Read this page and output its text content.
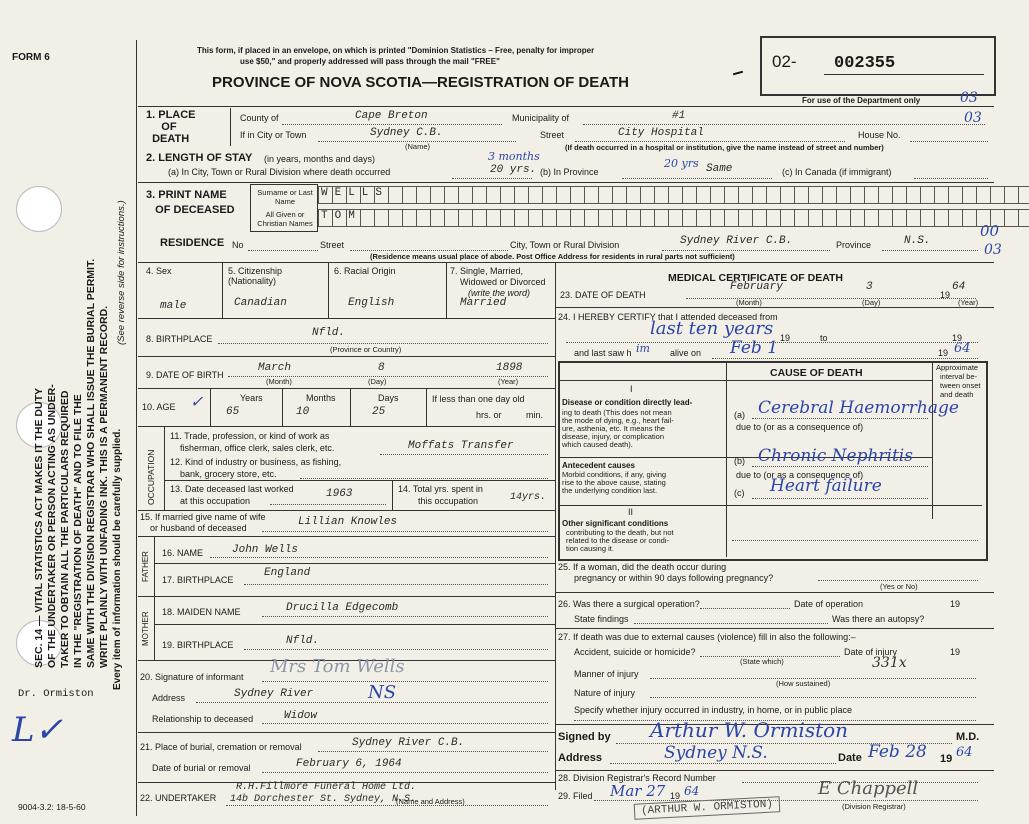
FORM 6
SEC. 14 — VITAL STATISTICS ACT MAKES IT THE DUTY OF THE UNDERTAKER OR PERSON ACTING AS UNDER- TAKER TO OBTAIN ALL THE PARTICULARS REQUIRED IN THE "REGISTRATION OF DEATH" AND TO FILE THE SAME WITH THE DIVISION REGISTRAR WHO SHALL ISSUE THE BURIAL PERMIT. WRITE PLAINLY WITH UNFADING INK. THIS IS A PERMANENT RECORD. Every item of information should be carefully supplied.
(See reverse side for instructions.)
Dr. Ormiston
L✓
9004-3.2: 18-5-60
This form, if placed in an envelope, on which is printed "Dominion Statistics – Free, penalty for improper
use $50," and properly addressed will pass through the mail "FREE"
PROVINCE OF NOVA SCOTIA—REGISTRATION OF DEATH
02- 002355
For use of the Department only	03
03
1. PLACE
OF
DEATH
County of	Cape Breton	Municipality of	#1
If in City or Town	Sydney C.B.
(Name)
Street	City Hospital	House No.
(If death occurred in a hospital or institution, give the name instead of street and number)
2. LENGTH OF STAY (in years, months and days)
(a) In City, Town or Rural Division where death occurred
3 months
20 yrs. (b) In Province
20 yrs Same	(c) In Canada (if immigrant)
3. PRINT NAME
OF DECEASED
Surname or Last Name
All Given or Christian Names
WELLS
TOM
RESIDENCE No	Street	City, Town or Rural Division	Sydney River C.B.	Province	N.S.
00
03
(Residence means usual place of abode. Post Office Address for residents in rural parts not sufficient)
4. Sex
male
5. Citizenship (Nationality)
Canadian
6. Racial Origin
English
7. Single, Married,
Widowed or Divorced
(write the word)
Married
8. BIRTHPLACE	Nfld.
(Province or Country)
9. DATE OF BIRTH
March	8	1898
(Month)	(Day)	(Year)
10. AGE ✓	Years	Months	Days
65	10	25
If less than one day old
hrs. or	min.
OCCUPATION
11. Trade, profession, or kind of work as
fisherman, office clerk, sales clerk, etc.	Moffats Transfer
12. Kind of industry or business, as fishing,
bank, grocery store, etc.
13. Date deceased last worked
at this occupation
1963	14. Total yrs. spent in
this occupation	14yrs.
15. If married give name of wife
or husband of deceased	Lillian Knowles
FATHER 16. NAME	John Wells
17. BIRTHPLACE
England
MOTHER 18. MAIDEN NAME	Drucilla Edgecomb
19. BIRTHPLACE	Nfld.
20. Signature of informant Mrs Tom Wells
Address	Sydney River	NS
Relationship to deceased	Widow
21. Place of burial, cremation or removal	Sydney River C.B.
Date of burial or removal	February 6, 1964
22. UNDERTAKER
R.H.Fillmore Funeral Home Ltd.
14b Dorchester St. Sydney, N.S.
(Name and Address)
MEDICAL CERTIFICATE OF DEATH
23. DATE OF DEATH
February	3
19
64
(Month)	(Day)	(Year)
24. I HEREBY CERTIFY that I attended deceased from
last ten years 19	to	19
and last saw h im alive on Feb 1	19 64
CAUSE OF DEATH	Approximate
interval be-
tween onset
and death
I
Disease or condition directly lead-
ing to death (This does not mean
the mode of dying, e.g., heart fail-
ure, asthenia, etc. It means the
disease, injury, or complication
which caused death).
(a) Cerebral Haemorrhage
due to (or as a consequence of)
Antecedent causes
Morbid conditions, if any, giving
rise to the above cause, stating
the underlying condition last.
(b) Chronic Nephritis
due to (or as a consequence of)
(c) Heart failure
II
Other significant conditions
contributing to the death, but not
related to the disease or condi-
tion causing it.
25. If a woman, did the death occur during
pregnancy or within 90 days following pregnancy?
(Yes or No)
26. Was there a surgical operation?	Date of operation	19
State findings	Was there an autopsy?
27. If death was due to external causes (violence) fill in also the following:–
Accident, suicide or homicide?
(State which)
Date of injury	19
331x
Manner of injury
(How sustained)
Nature of injury
Specify whether injury occurred in industry, in home, or in public place
Signed by Arthur W. Ormiston	M.D.
Address	Sydney N.S.	Date Feb 28 19 64
28. Division Registrar's Record Number
29. Filed Mar 27 19 64	E Chappell
(Division Registrar)
(ARTHUR W. ORMISTON)
